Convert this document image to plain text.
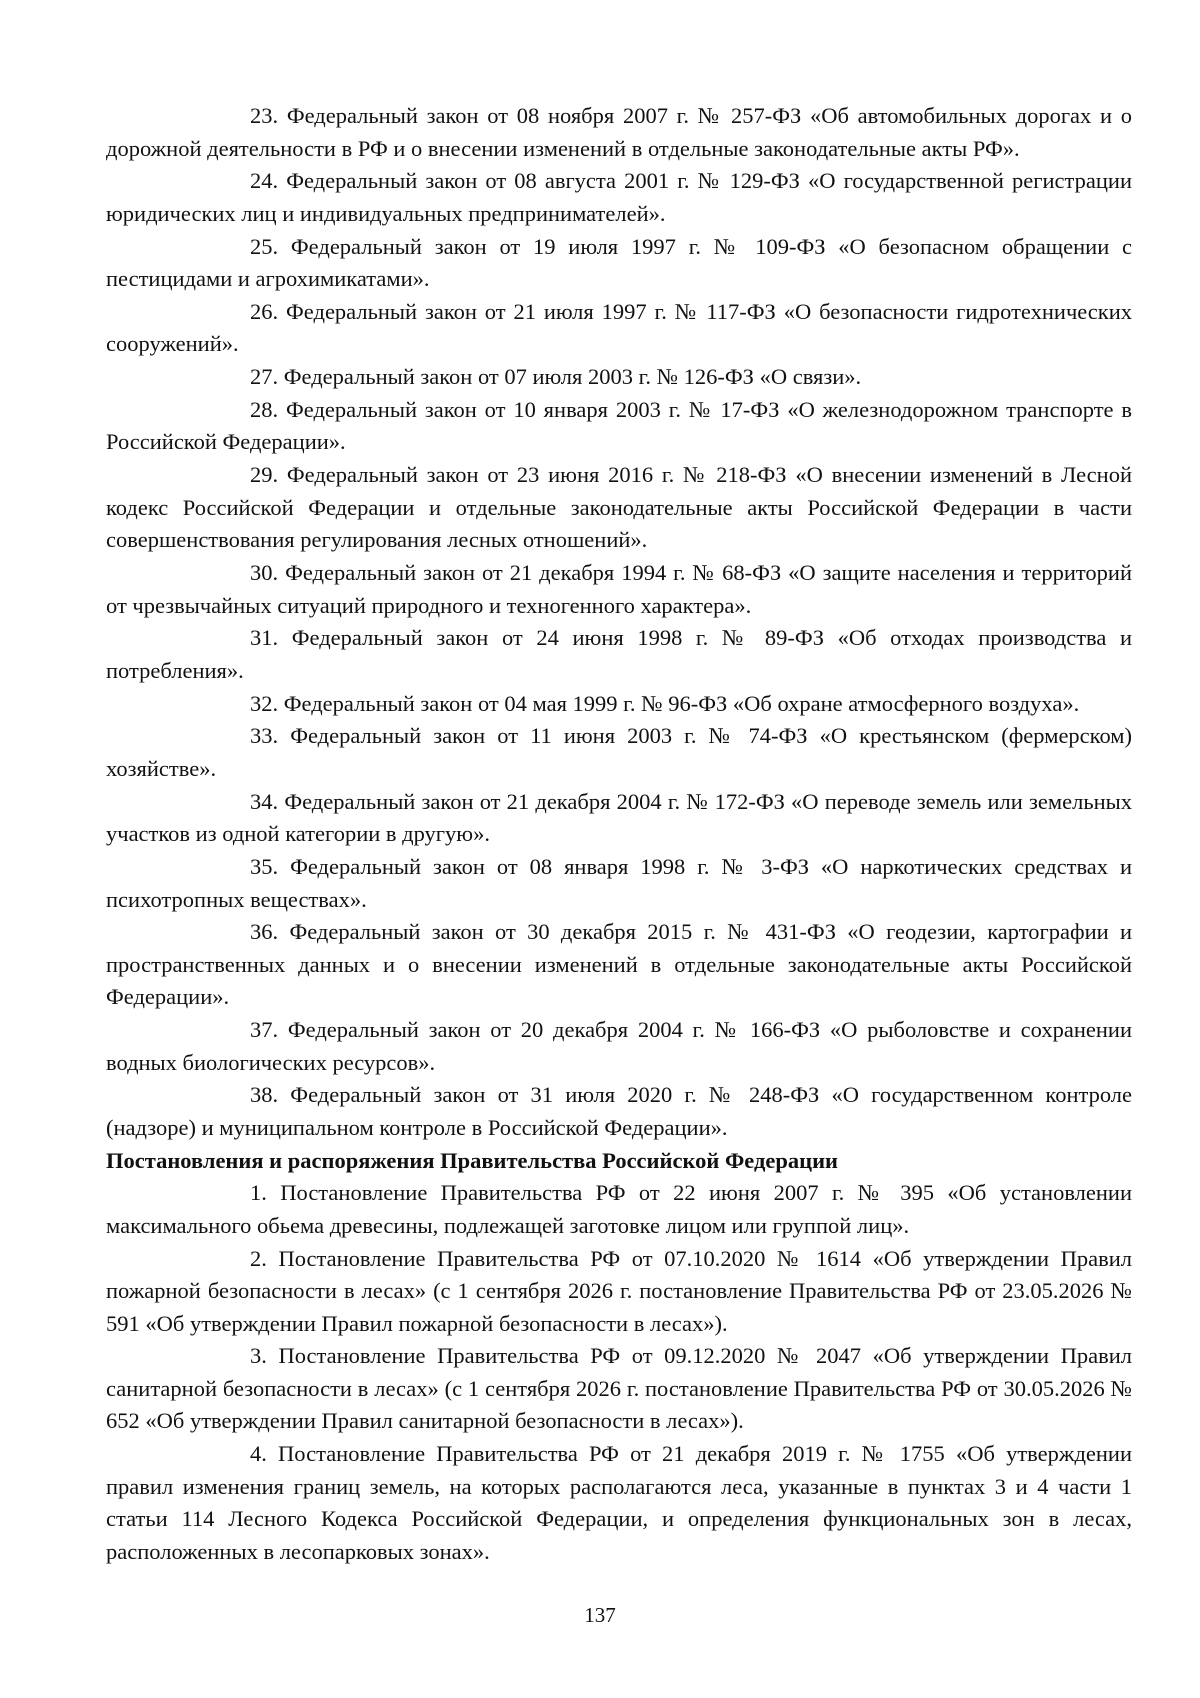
23. Федеральный закон от 08 ноября 2007 г. № 257-ФЗ «Об автомобильных дорогах и о дорожной деятельности в РФ и о внесении изменений в отдельные законодательные акты РФ».

24. Федеральный закон от 08 августа 2001 г. № 129-ФЗ «О государственной регистрации юридических лиц и индивидуальных предпринимателей».

25. Федеральный закон от 19 июля 1997 г. № 109-ФЗ «О безопасном обращении с пестицидами и агрохимикатами».

26. Федеральный закон от 21 июля 1997 г. № 117-ФЗ «О безопасности гидротехнических сооружений».

27. Федеральный закон от 07 июля 2003 г. № 126-ФЗ «О связи».

28. Федеральный закон от 10 января 2003 г. № 17-ФЗ «О железнодорожном транспорте в Российской Федерации».

29. Федеральный закон от 23 июня 2016 г. № 218-ФЗ «О внесении изменений в Лесной кодекс Российской Федерации и отдельные законодательные акты Российской Федерации в части совершенствования регулирования лесных отношений».

30. Федеральный закон от 21 декабря 1994 г. № 68-ФЗ «О защите населения и территорий от чрезвычайных ситуаций природного и техногенного характера».

31. Федеральный закон от 24 июня 1998 г. № 89-ФЗ «Об отходах производства и потребления».

32. Федеральный закон от 04 мая 1999 г. № 96-ФЗ «Об охране атмосферного воздуха».

33. Федеральный закон от 11 июня 2003 г. № 74-ФЗ «О крестьянском (фермерском) хозяйстве».

34. Федеральный закон от 21 декабря 2004 г. № 172-ФЗ «О переводе земель или земельных участков из одной категории в другую».

35. Федеральный закон от 08 января 1998 г. № 3-ФЗ «О наркотических средствах и психотропных веществах».

36. Федеральный закон от 30 декабря 2015 г. № 431-ФЗ «О геодезии, картографии и пространственных данных и о внесении изменений в отдельные законодательные акты Российской Федерации».

37. Федеральный закон от 20 декабря 2004 г. № 166-ФЗ «О рыболовстве и сохранении водных биологических ресурсов».

38. Федеральный закон от 31 июля 2020 г. № 248-ФЗ «О государственном контроле (надзоре) и муниципальном контроле в Российской Федерации».

Постановления и распоряжения Правительства Российской Федерации

1. Постановление Правительства РФ от 22 июня 2007 г. № 395 «Об установлении максимального обьема древесины, подлежащей заготовке лицом или группой лиц».

2. Постановление Правительства РФ от 07.10.2020 № 1614 «Об утверждении Правил пожарной безопасности в лесах» (с 1 сентября 2026 г. постановление Правительства РФ от 23.05.2026 № 591 «Об утверждении Правил пожарной безопасности в лесах»).

3. Постановление Правительства РФ от 09.12.2020 № 2047 «Об утверждении Правил санитарной безопасности в лесах» (с 1 сентября 2026 г. постановление Правительства РФ от 30.05.2026 № 652 «Об утверждении Правил санитарной безопасности в лесах»).

4. Постановление Правительства РФ от 21 декабря 2019 г. № 1755 «Об утверждении правил изменения границ земель, на которых располагаются леса, указанные в пунктах 3 и 4 части 1 статьи 114 Лесного Кодекса Российской Федерации, и определения функциональных зон в лесах, расположенных в лесопарковых зонах».

137
